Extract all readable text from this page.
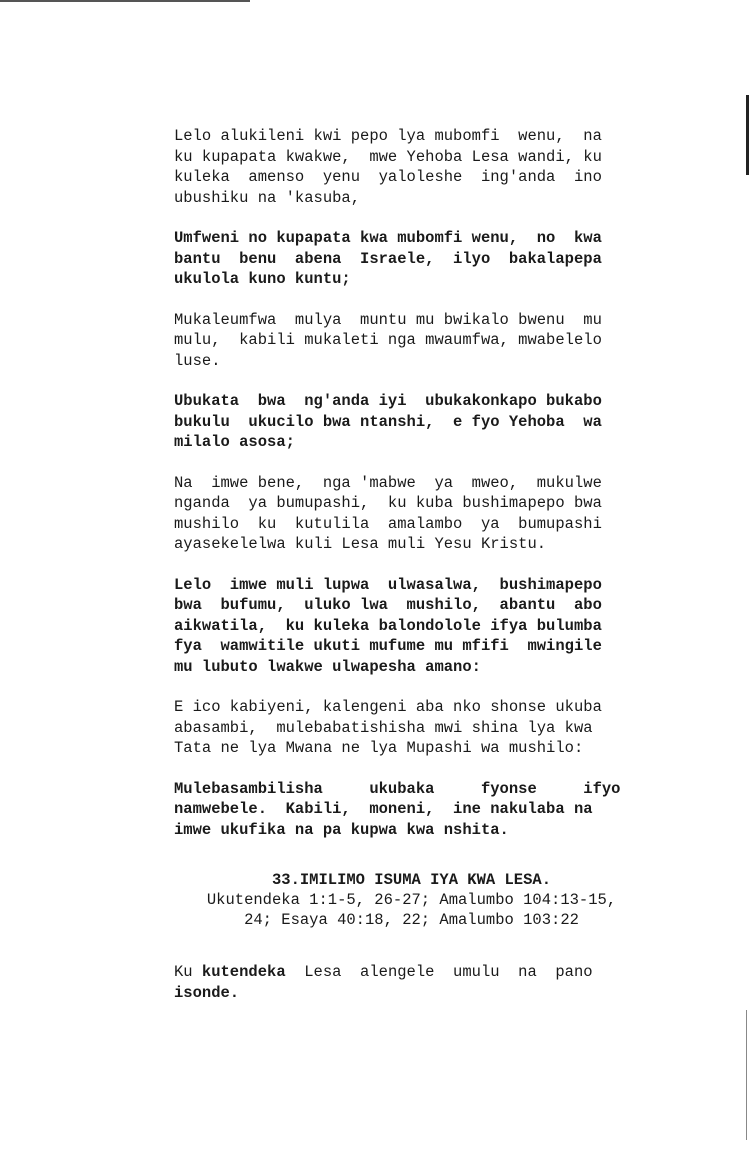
Lelo alukileni kwi pepo lya mubomfi  wenu,  na
ku kupapata kwakwe,  mwe Yehoba Lesa wandi, ku
kuleka  amenso  yenu  yaloleshe  ing'anda  ino
ubushiku na 'kasuba,
Umfweni no kupapata kwa mubomfi wenu,  no  kwa
bantu  benu  abena  Israele,  ilyo  bakalapepa
ukulola kuno kuntu;
Mukaleumfwa  mulya  muntu mu bwikalo bwenu  mu
mulu,  kabili mukaleti nga mwaumfwa, mwabelelo
luse.
Ubukata  bwa  ng'anda iyi  ubukakonkapo bukabo
bukulu  ukucilo bwa ntanshi,  e fyo Yehoba  wa
milalo asosa;
Na  imwe bene,  nga 'mabwe  ya  mweo,  mukulwe
nganda  ya bumupashi,  ku kuba bushimapepo bwa
mushilo  ku  kutulila  amalambo  ya  bumupashi
ayasekelelwa kuli Lesa muli Yesu Kristu.
Lelo  imwe muli lupwa  ulwasalwa,  bushimapepo
bwa  bufumu,  uluko lwa  mushilo,  abantu  abo
aikwatila,  ku kuleka balondolole ifya bulumba
fya  wamwitile ukuti mufume mu mfifi  mwingile
mu lubuto lwakwe ulwapesha amano:
E ico kabiyeni, kalengeni aba nko shonse ukuba
abasambi,  mulebabatishisha mwi shina lya kwa
Tata ne lya Mwana ne lya Mupashi wa mushilo:
Mulebasambilisha     ukubaka     fyonse     ifyo
namwebele.  Kabili,  moneni,  ine nakulaba na
imwe ukufika na pa kupwa kwa nshita.
33.IMILIMO ISUMA IYA KWA LESA.
Ukutendeka 1:1-5, 26-27; Amalumbo 104:13-15,
24; Esaya 40:18, 22; Amalumbo 103:22
Ku kutendeka  Lesa  alengele  umulu  na  pano
isonde.
